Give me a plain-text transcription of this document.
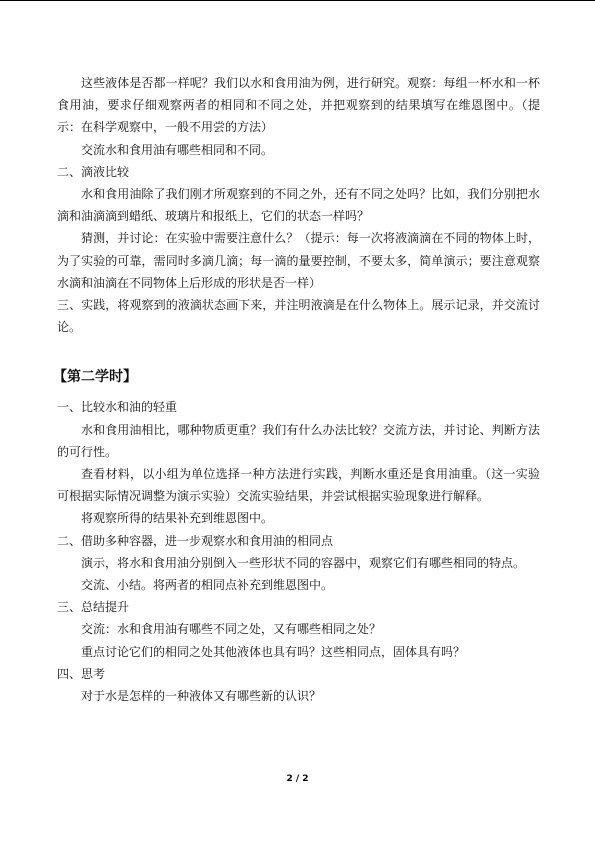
这些液体是否都一样呢？我们以水和食用油为例，进行研究。观察：每组一杯水和一杯食用油，要求仔细观察两者的相同和不同之处，并把观察到的结果填写在维恩图中。（提示：在科学观察中，一般不用尝的方法）

交流水和食用油有哪些相同和不同。

二、滴液比较

水和食用油除了我们刚才所观察到的不同之外，还有不同之处吗？比如，我们分别把水滴和油滴滴到蜡纸、玻璃片和报纸上，它们的状态一样吗？

猜测，并讨论：在实验中需要注意什么？（提示：每一次将液滴滴在不同的物体上时，为了实验的可靠，需同时多滴几滴；每一滴的量要控制，不要太多，简单演示；要注意观察水滴和油滴在不同物体上后形成的形状是否一样）

三、实践，将观察到的液滴状态画下来，并注明液滴是在什么物体上。展示记录，并交流讨论。

【第二学时】

一、比较水和油的轻重

水和食用油相比，哪种物质更重？我们有什么办法比较？交流方法，并讨论、判断方法的可行性。

查看材料，以小组为单位选择一种方法进行实践，判断水重还是食用油重。（这一实验可根据实际情况调整为演示实验）交流实验结果，并尝试根据实验现象进行解释。

将观察所得的结果补充到维恩图中。

二、借助多种容器，进一步观察水和食用油的相同点

演示，将水和食用油分别倒入一些形状不同的容器中，观察它们有哪些相同的特点。

交流、小结。将两者的相同点补充到维恩图中。

三、总结提升

交流：水和食用油有哪些不同之处，又有哪些相同之处？

重点讨论它们的相同之处其他液体也具有吗？这些相同点，固体具有吗？

四、思考

对于水是怎样的一种液体又有哪些新的认识？

2 / 2
